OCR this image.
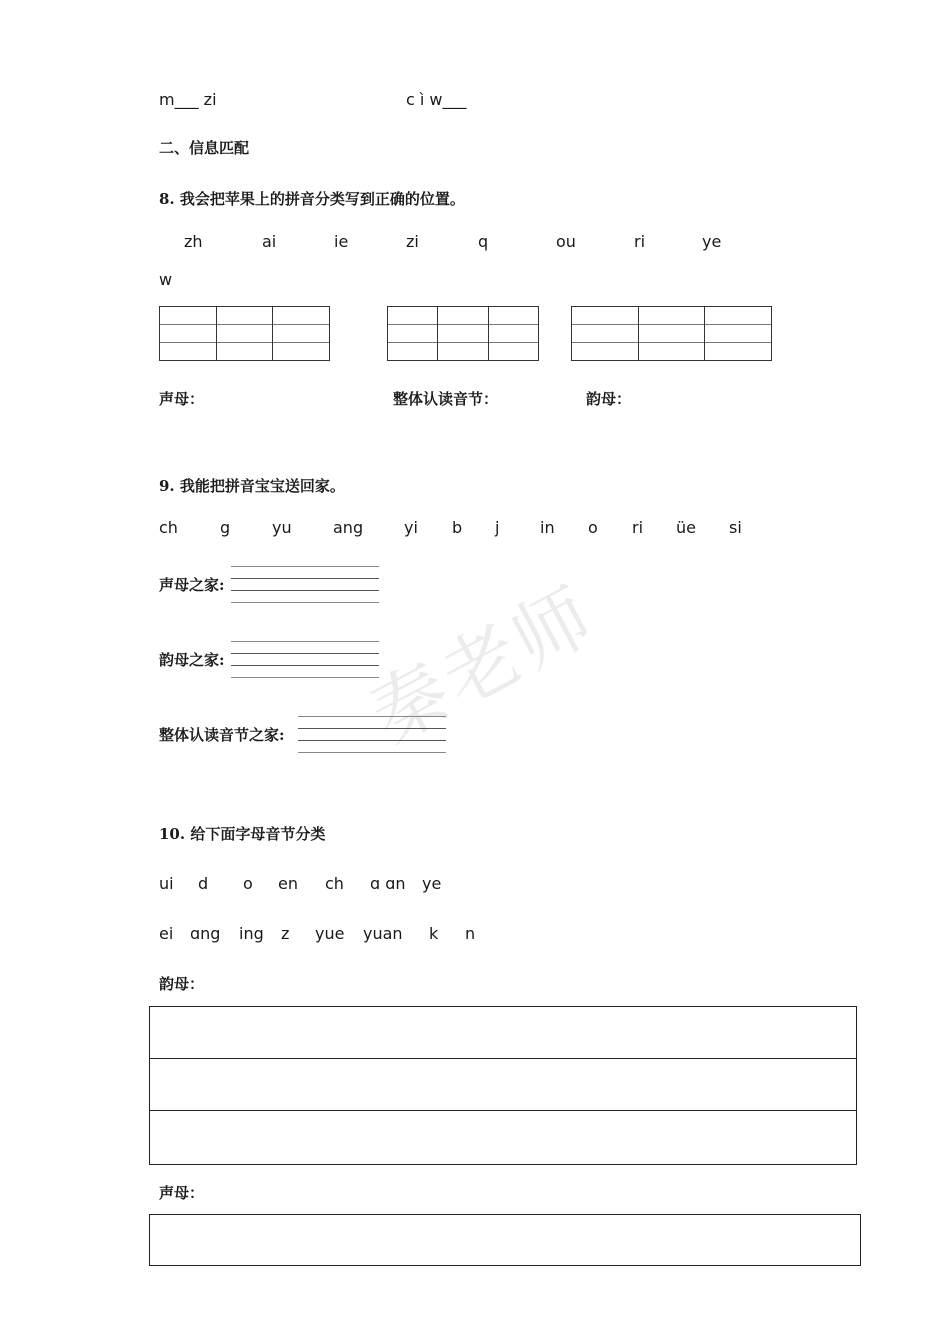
秦老师
m___ zi	c ì w___
二、信息匹配
8. 我会把苹果上的拼音分类写到正确的位置。
zh	ai	ie	zi	q	ou	ri	ye
w
声母：	整体认读音节：	韵母：
9. 我能把拼音宝宝送回家。
ch	g	yu	ang	yi b j	in o ri üe si
声母之家:
韵母之家:
整体认读音节之家:
10. 给下面字母音节分类
ui d o en ch ɑ ɑn ye
ei ɑng ing z yue yuan k n
韵母：
声母：
